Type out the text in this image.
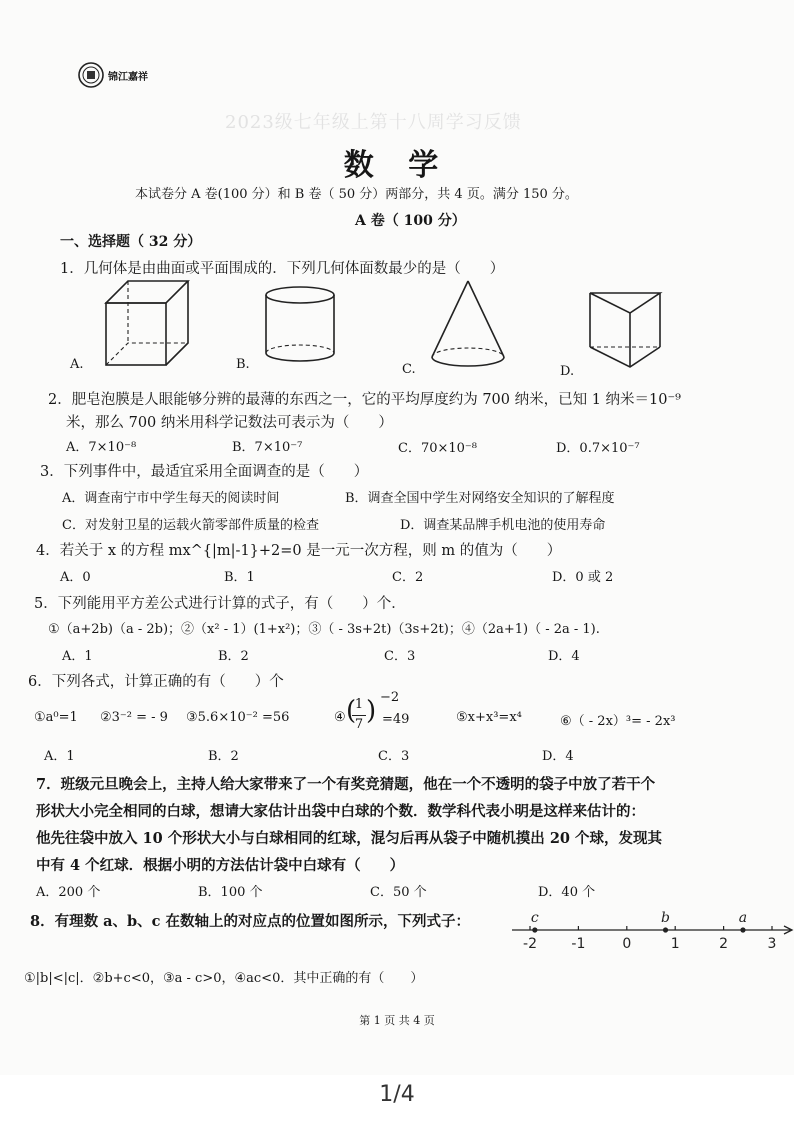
锦江嘉祥
2023级七年级上第十八周学习反馈
数 学
本试卷分 A 卷(100 分）和 B 卷（ 50 分）两部分，共 4 页。满分 150 分。
A 卷（ 100 分）
一、选择题（ 32 分）
1．几何体是由曲面或平面围成的．下列几何体面数最少的是（　　）
A.	B.	C.	D.
2．肥皂泡膜是人眼能够分辨的最薄的东西之一，它的平均厚度约为 700 纳米，已知 1 纳米＝10⁻⁹
米，那么 700 纳米用科学记数法可表示为（　　）
A．7×10⁻⁸	B．7×10⁻⁷	C．70×10⁻⁸	D．0.7×10⁻⁷
3．下列事件中，最适宜采用全面调查的是（　　）
A．调查南宁市中学生每天的阅读时间	B．调查全国中学生对网络安全知识的了解程度
C．对发射卫星的运载火箭零部件质量的检查	D．调查某品牌手机电池的使用寿命
4．若关于 x 的方程 mx^{|m|-1}+2=0 是一元一次方程，则 m 的值为（　　）
A．0	B．1	C．2	D．0 或 2
5．下列能用平方差公式进行计算的式子，有（　　）个．
①（a+2b)（a - 2b)；②（x² - 1）(1+x²)；③（ - 3s+2t)（3s+2t)；④（2a+1)（ - 2a - 1).
A．1	B．2	C．3	D．4
6．下列各式，计算正确的有（　　）个
①a⁰=1 ②3⁻² = - 9 ③5.6×10⁻² =56	④
1
7
( ) −2
=49	⑤x+x³=x⁴	⑥（ - 2x）³= - 2x³
A．1	B．2	C．3	D．4
7．班级元旦晚会上，主持人给大家带来了一个有奖竞猜题，他在一个不透明的袋子中放了若干个
形状大小完全相同的白球，想请大家估计出袋中白球的个数．数学科代表小明是这样来估计的：
他先往袋中放入 10 个形状大小与白球相同的红球，混匀后再从袋子中随机摸出 20 个球，发现其
中有 4 个红球．根据小明的方法估计袋中白球有（　　）
A．200 个	B．100 个	C．50 个	D．40 个
8．有理数 a、b、c 在数轴上的对应点的位置如图所示，下列式子：
-2 -1	0	1	2	3
c	b	a
①|b|<|c|．②b+c<0，③a - c>0，④ac<0．其中正确的有（　　）
第 1 页 共 4 页
1/4
